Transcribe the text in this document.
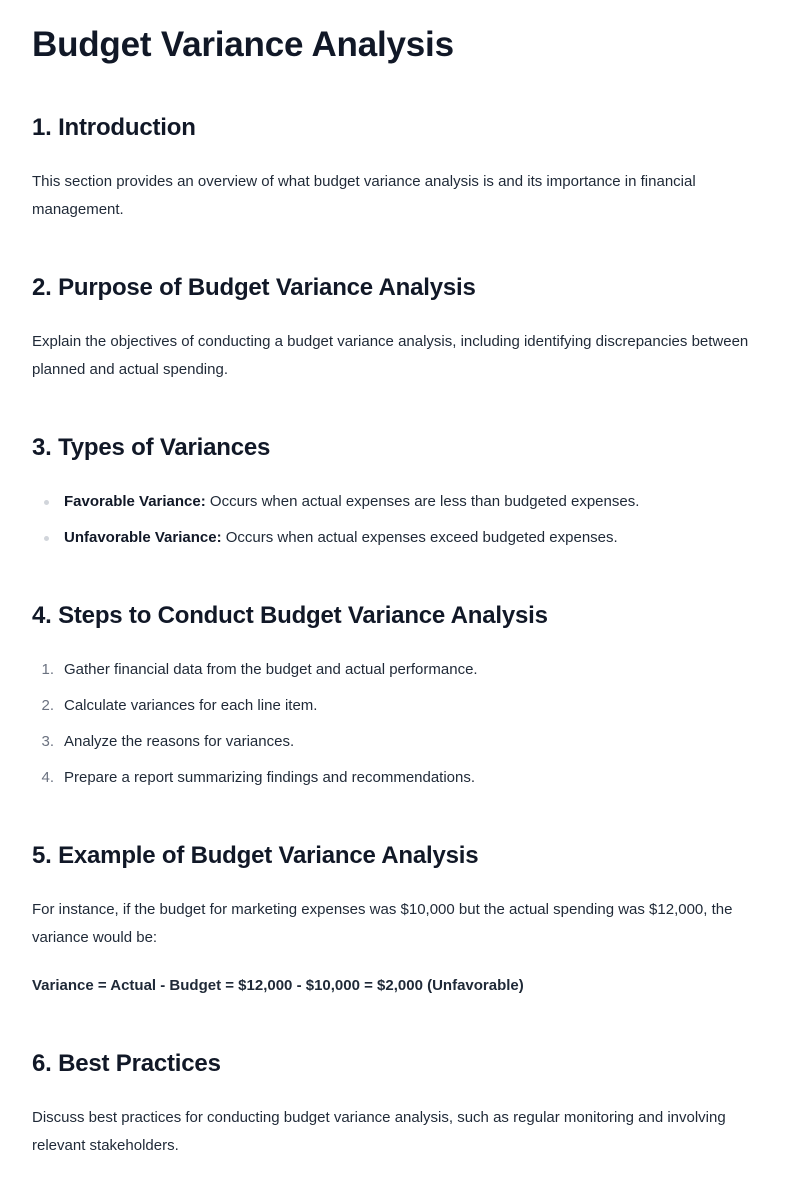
Budget Variance Analysis
1. Introduction

This section provides an overview of what budget variance analysis is and its importance in financial management.

2. Purpose of Budget Variance Analysis

Explain the objectives of conducting a budget variance analysis, including identifying discrepancies between planned and actual spending.

3. Types of Variances
Favorable Variance: Occurs when actual expenses are less than budgeted expenses.
Unfavorable Variance: Occurs when actual expenses exceed budgeted expenses.
4. Steps to Conduct Budget Variance Analysis
1. Gather financial data from the budget and actual performance.
2. Calculate variances for each line item.
3. Analyze the reasons for variances.
4. Prepare a report summarizing findings and recommendations.
5. Example of Budget Variance Analysis

For instance, if the budget for marketing expenses was $10,000 but the actual spending was $12,000, the variance would be:

Variance = Actual - Budget = $12,000 - $10,000 = $2,000 (Unfavorable)

6. Best Practices

Discuss best practices for conducting budget variance analysis, such as regular monitoring and involving relevant stakeholders.
